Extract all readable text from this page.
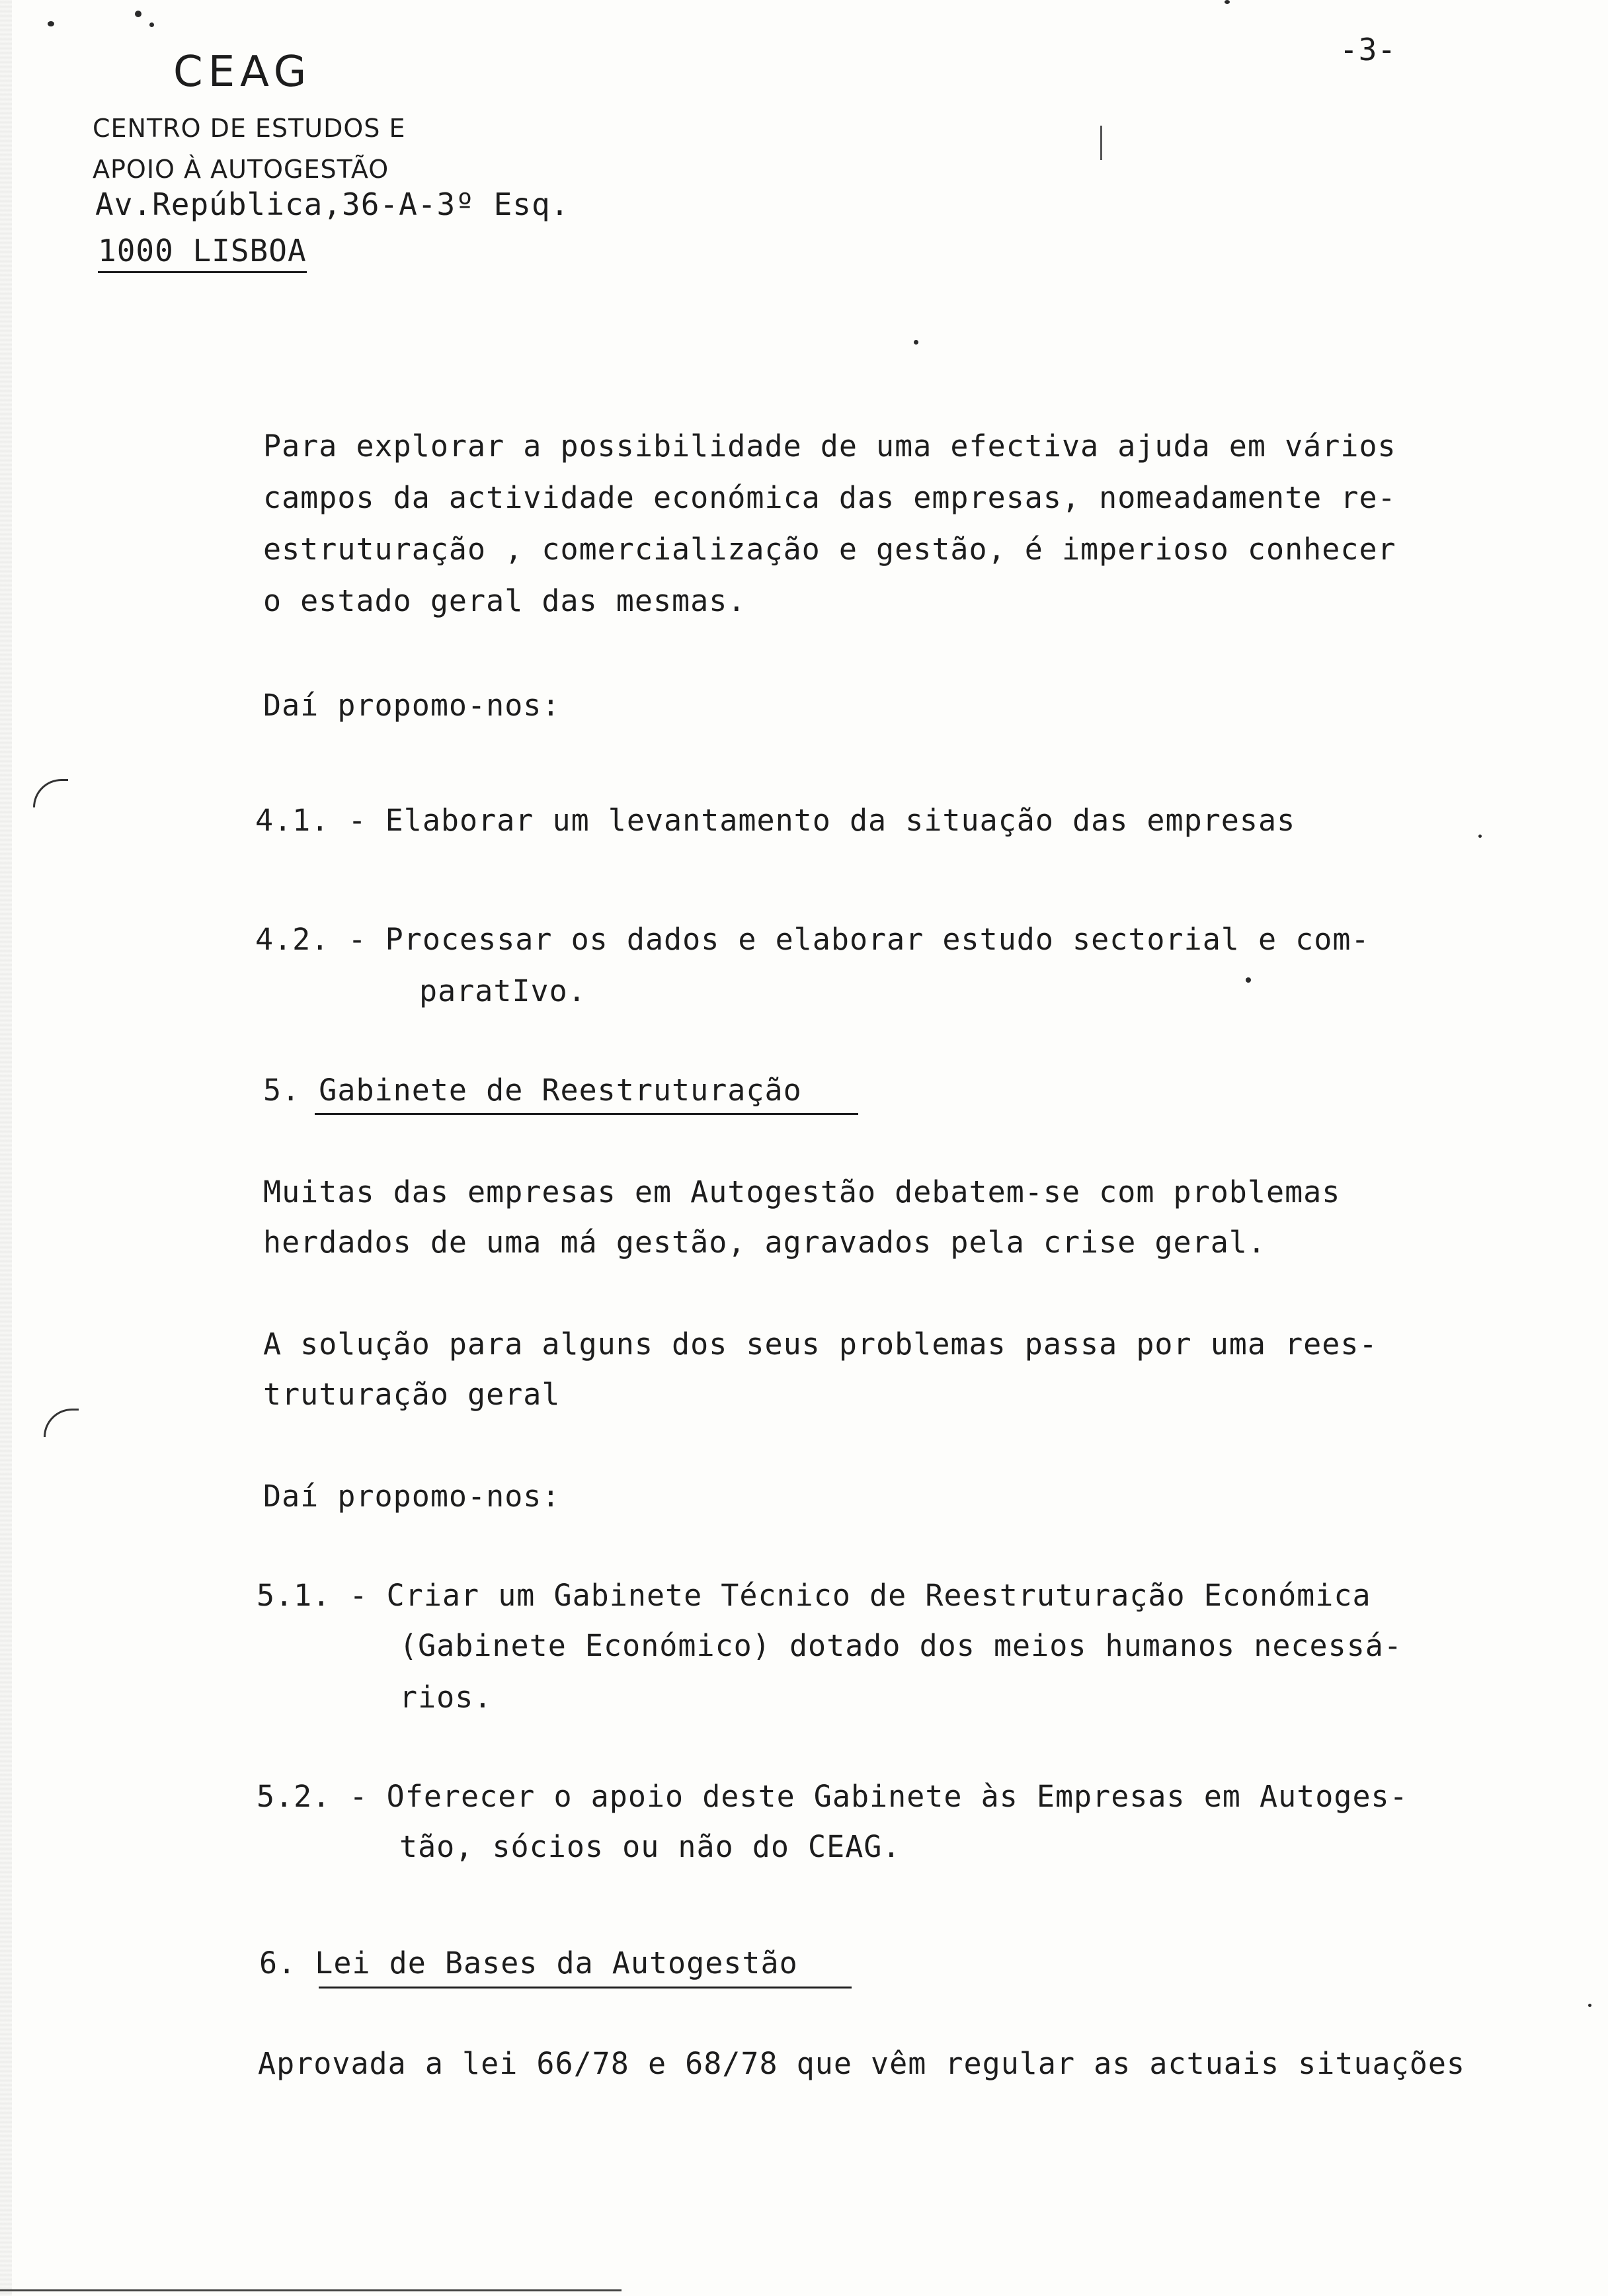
CEAG
CENTRO DE ESTUDOS E
APOIO À AUTOGESTÃO
Av.República,36-A-3º Esq.
1000 LISBOA
-3-
Para explorar a possibilidade de uma efectiva ajuda em vários
campos da actividade económica das empresas, nomeadamente re-
estruturação , comercialização e gestão, é imperioso conhecer
o estado geral das mesmas.
Daí propomo-nos:
4.1. - Elaborar um levantamento da situação das empresas
4.2. - Processar os dados e elaborar estudo sectorial e com-
paratIvo.
5. Gabinete de Reestruturação
Muitas das empresas em Autogestão debatem-se com problemas
herdados de uma má gestão, agravados pela crise geral.
A solução para alguns dos seus problemas passa por uma rees-
truturação geral
Daí propomo-nos:
5.1. - Criar um Gabinete Técnico de Reestruturação Económica
(Gabinete Económico) dotado dos meios humanos necessá-
rios.
5.2. - Oferecer o apoio deste Gabinete às Empresas em Autoges-
tão, sócios ou não do CEAG.
6. Lei de Bases da Autogestão
Aprovada a lei 66/78 e 68/78 que vêm regular as actuais situações
